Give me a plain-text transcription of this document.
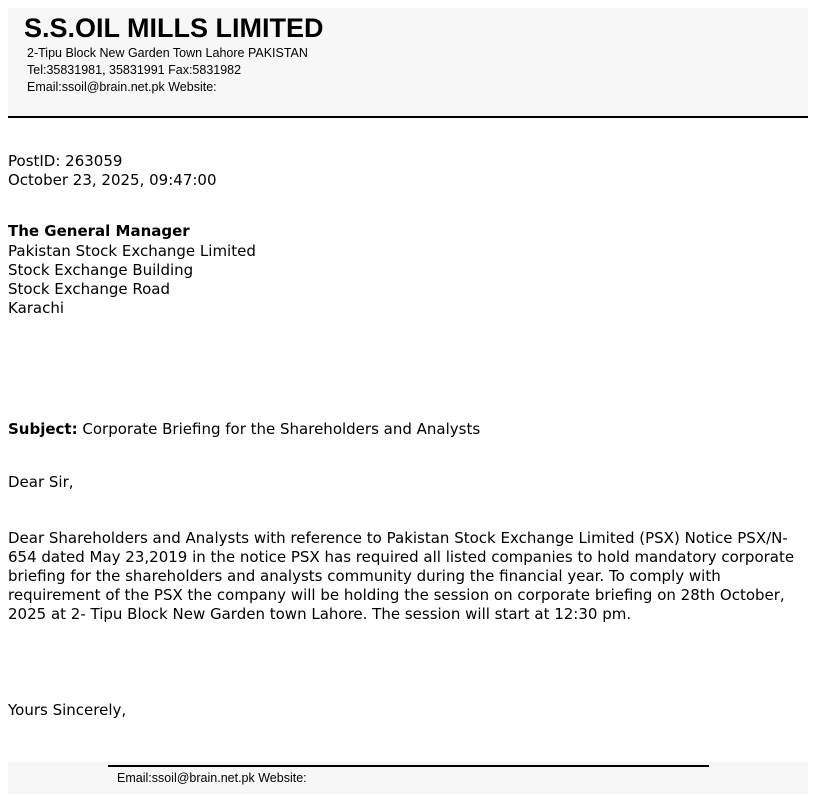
S.S.OIL MILLS LIMITED
2-Tipu Block New Garden Town Lahore PAKISTAN
Tel:35831981, 35831991 Fax:5831982
Email:ssoil@brain.net.pk Website:
PostID: 263059
October 23, 2025, 09:47:00
The General Manager
Pakistan Stock Exchange Limited
Stock Exchange Building
Stock Exchange Road
Karachi
Subject: Corporate Briefing for the Shareholders and Analysts
Dear Sir,

Dear Shareholders and Analysts with reference to Pakistan Stock Exchange Limited (PSX) Notice PSX/N-654 dated May 23,2019 in the notice PSX has required all listed companies to hold mandatory corporate briefing for the shareholders and analysts community during the financial year. To comply with requirement of the PSX the company will be holding the session on corporate briefing on 28th October, 2025 at 2- Tipu Block New Garden town Lahore. The session will start at 12:30 pm.

Yours Sincerely,
Email:ssoil@brain.net.pk Website:
